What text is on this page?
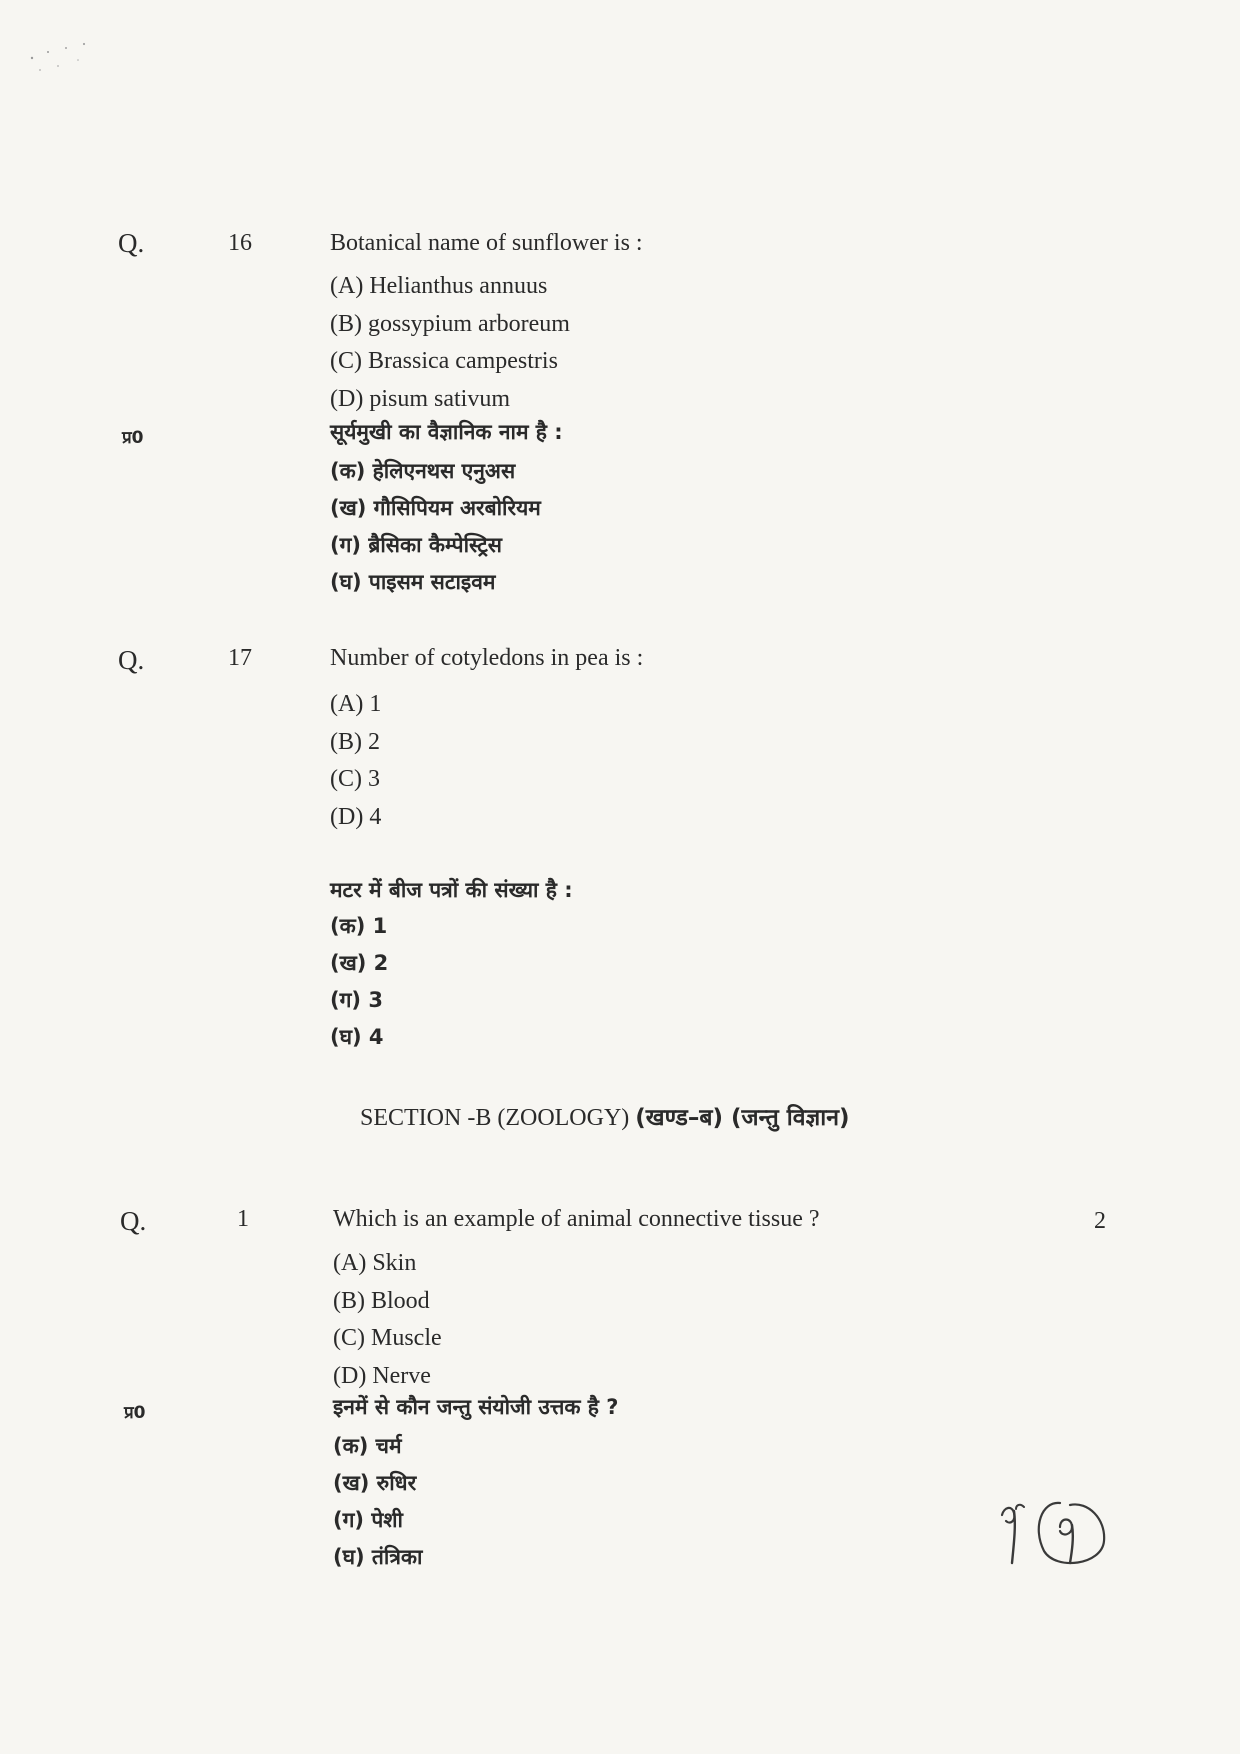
Q.	16	Botanical name of sunflower is :
(A) Helianthus annuus
(B) gossypium arboreum
(C) Brassica campestris
(D) pisum sativum
प्र0	सूर्यमुखी का वैज्ञानिक नाम है :
(क) हेलिएनथस एनुअस
(ख) गौसिपियम अरबोरियम
(ग) ब्रैसिका कैम्पेस्ट्रिस
(घ) पाइसम सटाइवम
Q.	17	Number of cotyledons in pea is :
(A) 1
(B) 2
(C) 3
(D) 4
मटर में बीज पत्रों की संख्या है :
(क) 1
(ख) 2
(ग) 3
(घ) 4
SECTION -B (ZOOLOGY) (खण्ड–ब) (जन्तु विज्ञान)
Q.	1	Which is an example of animal connective tissue ?	2
(A) Skin
(B) Blood
(C) Muscle
(D) Nerve
प्र0	इनमें से कौन जन्तु संयोजी उत्तक है ?
(क) चर्म
(ख) रुधिर
(ग) पेशी
(घ) तंत्रिका
